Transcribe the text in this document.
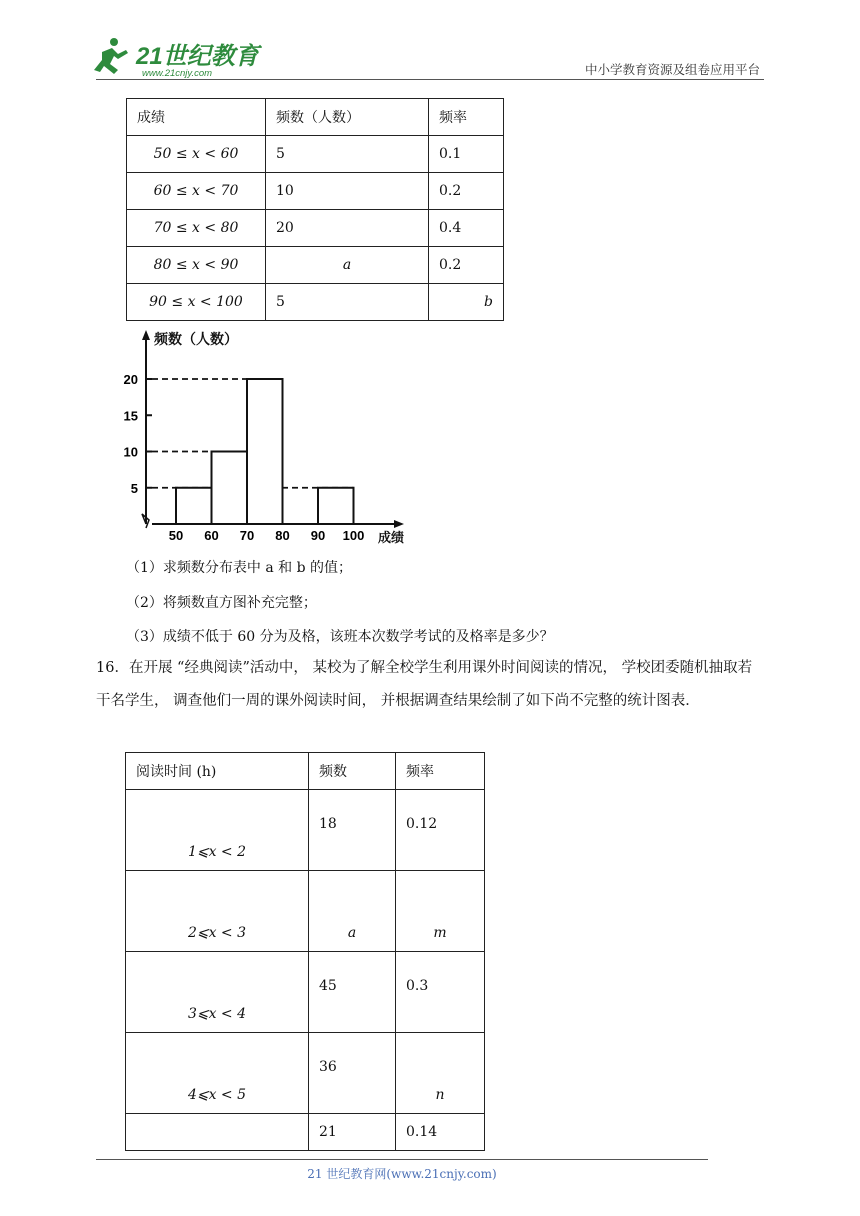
21世纪教育
www.21cnjy.com	中小学教育资源及组卷应用平台
成绩	频数（人数）	频率
50 ≤ x < 60	5	0.1
60 ≤ x < 70	10	0.2
70 ≤ x < 80	20	0.4
80 ≤ x < 90	a	0.2
90 ≤ x < 100	5	b
频数（人数）
成绩
5
10
15
20
50 60 70 80 90 100
（1）求频数分布表中 a 和 b 的值；
（2）将频数直方图补充完整；
（3）成绩不低于 60 分为及格，该班本次数学考试的及格率是多少？
16．在开展 “经典阅读”活动中， 某校为了解全校学生利用课外时间阅读的情况， 学校团委随机抽取若干名学生， 调查他们一周的课外阅读时间， 并根据调查结果绘制了如下尚不完整的统计图表．
阅读时间 (h)	频数	频率
1⩽x < 2	18	0.12
2⩽x < 3	a	m
3⩽x < 4	45	0.3
4⩽x < 5	36	n
	21	0.14
21 世纪教育网(www.21cnjy.com)
